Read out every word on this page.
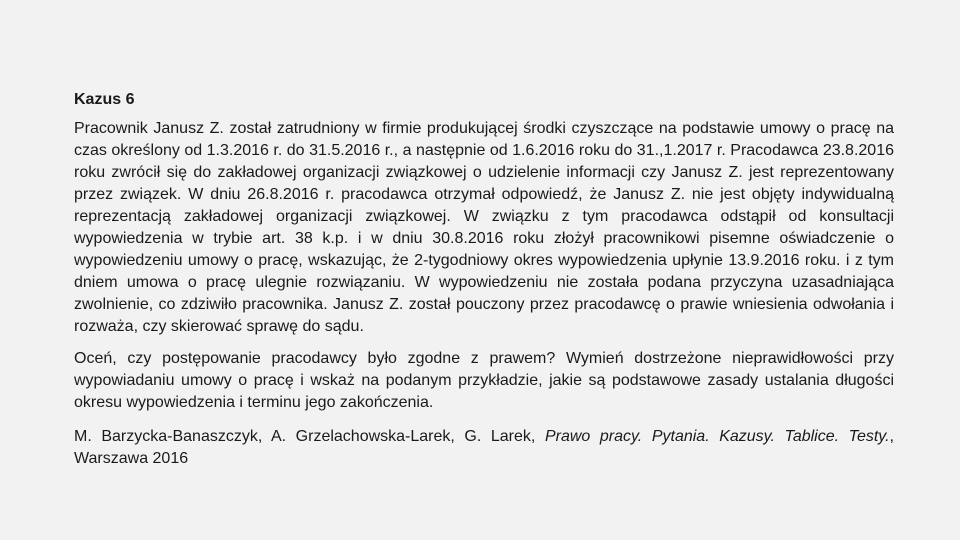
Kazus 6

Pracownik Janusz Z. został zatrudniony w firmie produkującej środki czyszczące na podstawie umowy o pracę na czas określony od 1.3.2016 r. do 31.5.2016 r., a następnie od 1.6.2016 roku do 31.,1.2017 r. Pracodawca 23.8.2016 roku zwrócił się do zakładowej organizacji związkowej o udzielenie informacji czy Janusz Z. jest reprezentowany przez związek. W dniu 26.8.2016 r. pracodawca otrzymał odpowiedź, że Janusz Z. nie jest objęty indywidualną reprezentacją zakładowej organizacji związkowej. W związku z tym pracodawca odstąpił od konsultacji wypowiedzenia w trybie art. 38 k.p. i w dniu 30.8.2016 roku złożył pracownikowi pisemne oświadczenie o wypowiedzeniu umowy o pracę, wskazując, że 2-tygodniowy okres wypowiedzenia upłynie 13.9.2016 roku. i z tym dniem umowa o pracę ulegnie rozwiązaniu. W wypowiedzeniu nie została podana przyczyna uzasadniająca zwolnienie, co zdziwiło pracownika. Janusz Z. został pouczony przez pracodawcę o prawie wniesienia odwołania i rozważa, czy skierować sprawę do sądu.

Oceń, czy postępowanie pracodawcy było zgodne z prawem? Wymień dostrzeżone nieprawidłowości przy wypowiadaniu umowy o pracę i wskaż na podanym przykładzie, jakie są podstawowe zasady ustalania długości okresu wypowiedzenia i terminu jego zakończenia.

M. Barzycka-Banaszczyk, A. Grzelachowska-Larek, G. Larek, Prawo pracy. Pytania. Kazusy. Tablice. Testy., Warszawa 2016
